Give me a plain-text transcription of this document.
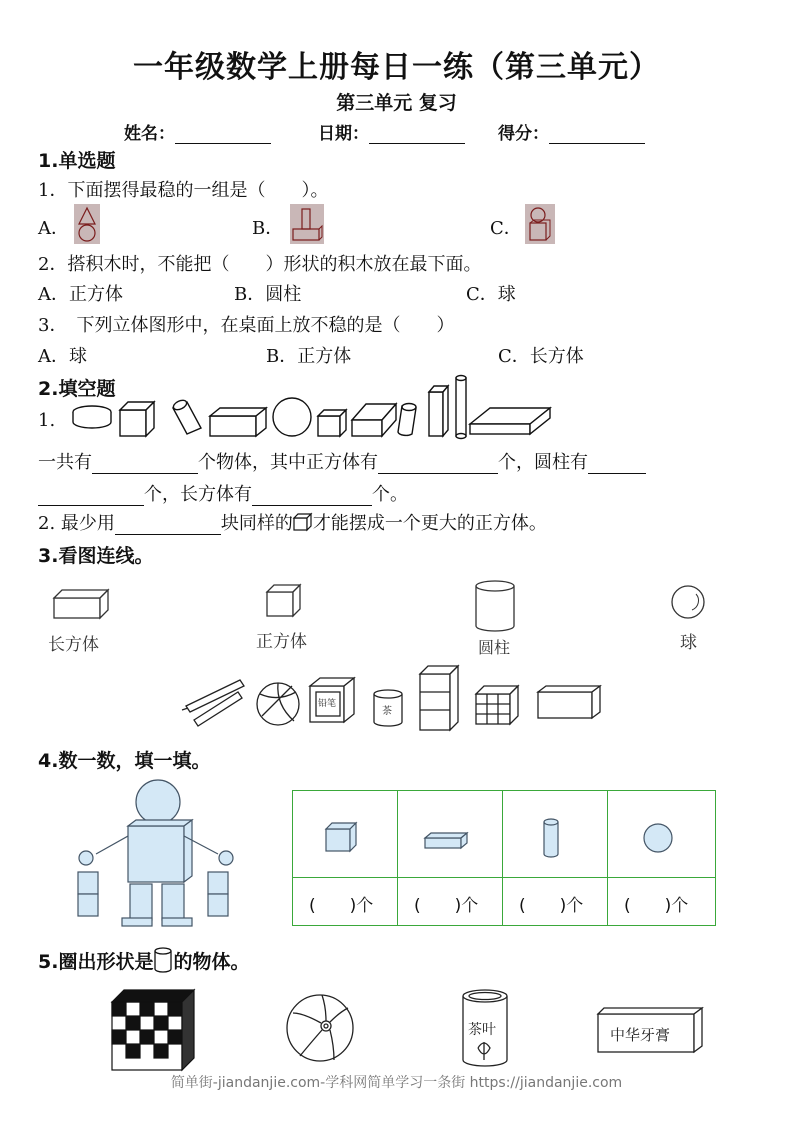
一年级数学上册每日一练（第三单元）
第三单元 复习
姓名：	日期：	得分：
1.单选题
1．下面摆得最稳的一组是（　　）。
A．	B．	C．
2．搭积木时，不能把（　　）形状的积木放在最下面。
A．正方体	B．圆柱	C．球
3．　下列立体图形中，在桌面上放不稳的是（　　）
A．球	B．正方体	C．长方体
2.填空题
1.
一共有	个物体，其中正方体有	个，圆柱有
个，长方体有	个。
2. 最少用	块同样的 才能摆成一个更大的正方体。
3.看图连线。
长方体	正方体	圆柱	球
铅笔
茶
4.数一数，填一填。
(　　)个 (　　)个 (　　)个 (　　)个
5.圈出形状是 的物体。
茶叶	中华牙膏
简单街-jiandanjie.com-学科网简单学习一条街 https://jiandanjie.com
